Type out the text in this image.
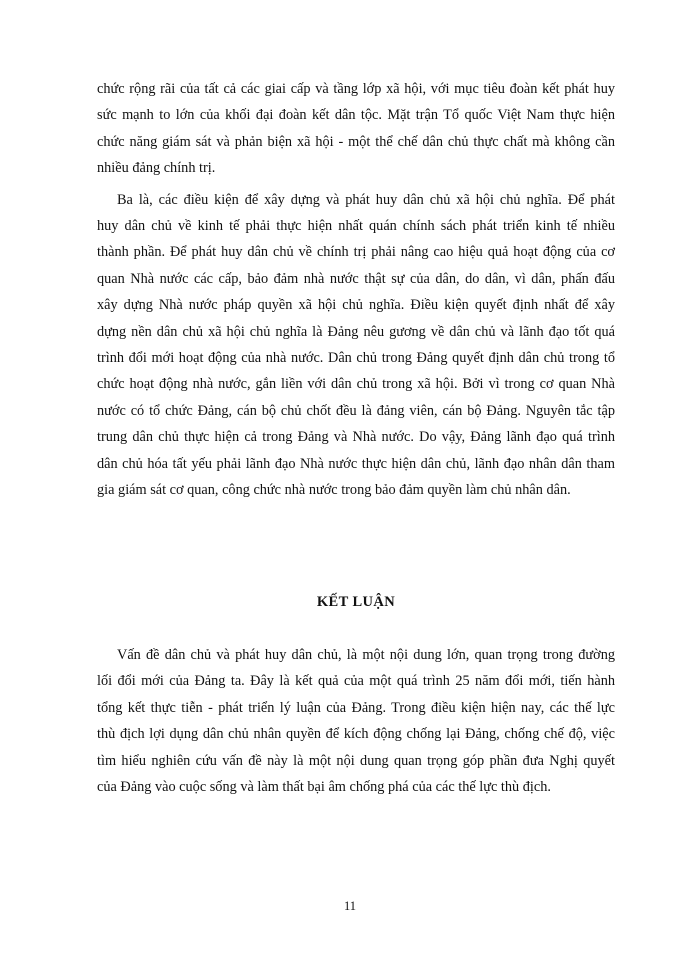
chức rộng rãi của tất cả các giai cấp và tầng lớp xã hội, với mục tiêu đoàn kết phát huy
sức mạnh to lớn của khối đại đoàn kết dân tộc. Mặt trận Tổ quốc Việt Nam thực hiện
chức năng giám sát và phản biện xã hội - một thể chế dân chủ thực chất mà không cần
nhiều đảng chính trị.

Ba là, các điều kiện để xây dựng và phát huy dân chủ xã hội chủ nghĩa. Để phát
huy dân chủ về kinh tế phải thực hiện nhất quán chính sách phát triển kinh tế nhiều
thành phần. Để phát huy dân chủ về chính trị phải nâng cao hiệu quả hoạt động của cơ
quan Nhà nước các cấp, bảo đảm nhà nước thật sự của dân, do dân, vì dân, phấn đấu
xây dựng Nhà nước pháp quyền xã hội chủ nghĩa. Điều kiện quyết định nhất để xây
dựng nền dân chủ xã hội chủ nghĩa là Đảng nêu gương về dân chủ và lãnh đạo tốt quá
trình đổi mới hoạt động của nhà nước. Dân chủ trong Đảng quyết định dân chủ trong tổ
chức hoạt động nhà nước, gắn liền với dân chủ trong xã hội. Bởi vì trong cơ quan Nhà
nước có tổ chức Đảng, cán bộ chủ chốt đều là đảng viên, cán bộ Đảng. Nguyên tắc tập
trung dân chủ thực hiện cả trong Đảng và Nhà nước. Do vậy, Đảng lãnh đạo quá trình
dân chủ hóa tất yếu phải lãnh đạo Nhà nước thực hiện dân chủ, lãnh đạo nhân dân tham
gia giám sát cơ quan, công chức nhà nước trong bảo đảm quyền làm chủ nhân dân.

KẾT LUẬN

Vấn đề dân chủ và phát huy dân chủ, là một nội dung lớn, quan trọng trong đường
lối đổi mới của Đảng ta. Đây là kết quả của một quá trình 25 năm đổi mới, tiến hành
tổng kết thực tiễn - phát triển lý luận của Đảng. Trong điều kiện hiện nay, các thế lực
thù địch lợi dụng dân chủ nhân quyền để kích động chống lại Đảng, chống chế độ, việc
tìm hiểu nghiên cứu vấn đề này là một nội dung quan trọng góp phần đưa Nghị quyết
của Đảng vào cuộc sống và làm thất bại âm chống phá của các thế lực thù địch.

11
